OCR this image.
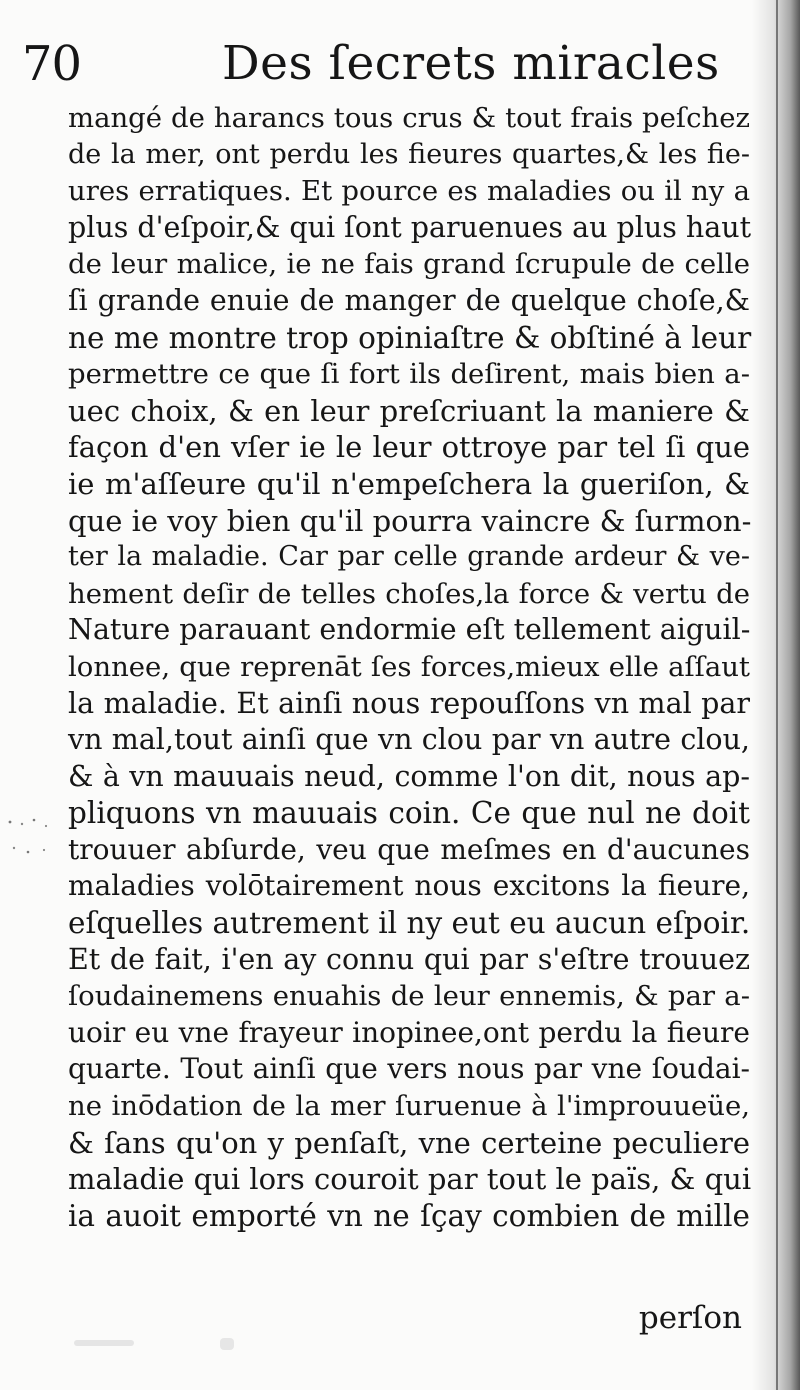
70	Des ſecrets miracles
mangé de harancs tous crus & tout frais peſchez
de la mer, ont perdu les fieures quartes,& les fie-
ures erratiques. Et pource es maladies ou il ny a
plus d'eſpoir,& qui ſont paruenues au plus haut
de leur malice, ie ne fais grand ſcrupule de celle
ſi grande enuie de manger de quelque choſe,&
ne me montre trop opiniaſtre & obſtiné à leur
permettre ce que ſi fort ils deſirent, mais bien a-
uec choix, & en leur preſcriuant la maniere &
façon d'en vſer ie le leur ottroye par tel ſi que
ie m'aſſeure qu'il n'empeſchera la gueriſon, &
que ie voy bien qu'il pourra vaincre & ſurmon-
ter la maladie. Car par celle grande ardeur & ve-
hement deſir de telles choſes,la force & vertu de
Nature parauant endormie eſt tellement aiguil-
lonnee, que reprenāt ſes forces,mieux elle aſſaut
la maladie. Et ainſi nous repouſſons vn mal par
vn mal,tout ainſi que vn clou par vn autre clou,
& à vn mauuais neud, comme l'on dit, nous ap-
pliquons vn mauuais coin. Ce que nul ne doit
trouuer abſurde, veu que meſmes en d'aucunes
maladies volōtairement nous excitons la fieure,
eſquelles autrement il ny eut eu aucun eſpoir.
Et de fait, i'en ay connu qui par s'eſtre trouuez
ſoudainemens enuahis de leur ennemis, & par a-
uoir eu vne frayeur inopinee,ont perdu la fieure
quarte. Tout ainſi que vers nous par vne ſoudai-
ne inōdation de la mer ſuruenue à l'improuueüe,
& ſans qu'on y penſaſt, vne certeine peculiere
maladie qui lors couroit par tout le païs, & qui
ia auoit emporté vn ne ſçay combien de mille
perſon
